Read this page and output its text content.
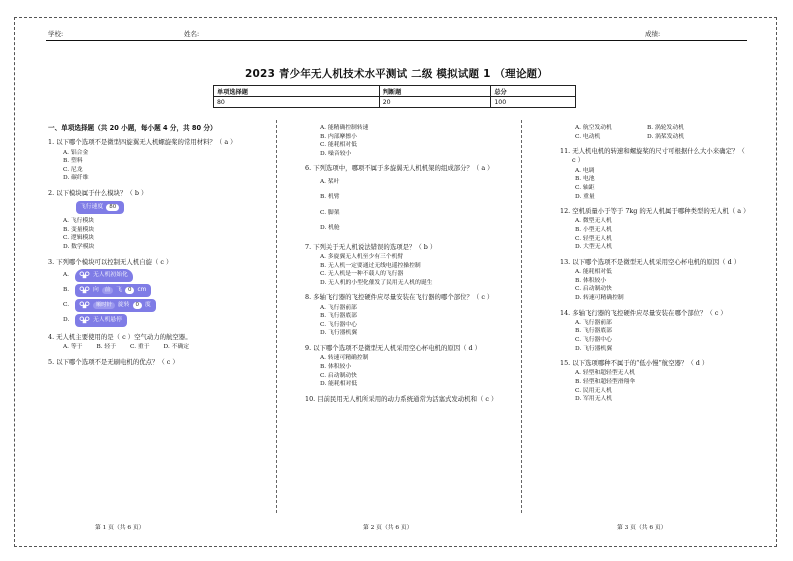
学校:	姓名:	成绩:
2023 青少年无人机技术水平测试 二级 模拟试题 1 （理论题）
单项选择题	判断题	总分
80	20	100
一、单项选择题（共 20 小题，每小题 4 分，共 80 分）
1. 以下哪个选项不是微型四旋翼无人机螺旋桨的常用材料？（ a ）
A. 铝合金
B. 塑料
C. 尼龙
D. 碳纤维
2. 以下模块属于什么模块？（ b ）
飞行速度	80
A. 飞行模块
B. 变量模块
C. 逻辑模块
D. 数学模块
3. 下列哪个模块可以控制无人机自旋（ c ）
A.	无人机初始化
B.	向	前	飞	0	cm
C.	顺时针	旋转	0	度
D.	无人机悬停
4. 无人机主要使用的是（ c ）空气动力的航空器。
A. 等于 B. 轻于 C. 重于 D. 不确定
5. 以下哪个选项不是无刷电机的优点？（ c ）
A. 能精确控制转速
B. 内部摩擦小
C. 能耗相对低
D. 噪音较小
6. 下列选项中，哪项不属于多旋翼无人机机架的组成部分？（ a ）
A. 桨叶
B. 机臂
C. 脚架
D. 机舱
7. 下列关于无人机说法错误的选项是？（ b ）
A. 多旋翼无人机至少有三个机臂
B. 无人机一定要通过无线电遥控操控制
C. 无人机是一种不载人的飞行器
D. 无人机的小型化催发了民用无人机的诞生
8. 多轴飞行器的飞控硬件应尽量安装在飞行器的哪个部位？（ c ）
A. 飞行器前部
B. 飞行器底部
C. 飞行器中心
D. 飞行器机翼
9. 以下哪个选项不是微型无人机采用空心杯电机的原因（ d ）
A. 转速可精确控制
B. 体积较小
C. 启动制动快
D. 能耗相对低
10. 目前民用无人机所采用的动力系统通常为活塞式发动机和（ c ）
A. 航空发动机	B. 涡轮发动机
C. 电动机	D. 涡桨发动机
11. 无人机电机的转速和螺旋桨的尺寸可根据什么大小来确定？（ c ）
A. 电调
B. 电池
C. 轴距
D. 重量
12. 空机质量小于等于 7kg 的无人机属于哪种类型的无人机（ a ）
A. 微型无人机
B. 小型无人机
C. 轻型无人机
D. 大型无人机
13. 以下哪个选项不是微型无人机采用空心杯电机的原因（ d ）
A. 能耗相对低
B. 体积较小
C. 启动制动快
D. 转速可精确控制
14. 多轴飞行器的飞控硬件应尽量安装在哪个部位？（ c ）
A. 飞行器前部
B. 飞行器底部
C. 飞行器中心
D. 飞行器机翼
15. 以下选项哪种不属于的“低小慢”航空器？（ d ）
A. 轻型和超轻型无人机
B. 轻型和超轻型滑翔伞
C. 民用无人机
D. 军用无人机
第 1 页（共 6 页）	第 2 页（共 6 页）	第 3 页（共 6 页）
